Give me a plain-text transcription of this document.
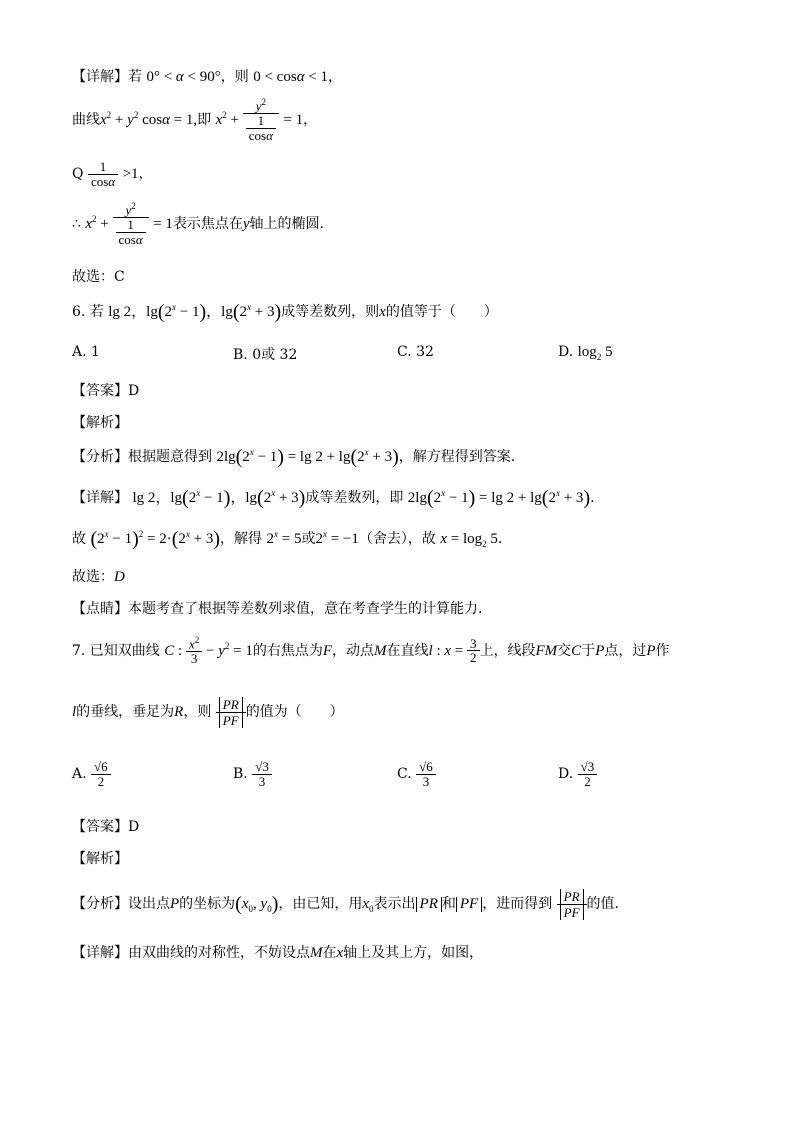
【详解】若 0° < α < 90°，则 0 < cosα < 1，
曲线$x^2 + y^2$ cosα = 1,即 $x^2 + \frac{y^2}{\frac{1}{\cos\alpha}} = 1$，
Q $\frac{1}{\cos\alpha} >1$，
∴ $x^2 + \frac{y^2}{\frac{1}{\cos\alpha}} = 1$表示焦点在y轴上的椭圆.
故选：C
6. 若 lg 2，$\lg(2^x - 1)$，$\lg(2^x + 3)$成等差数列，则x的值等于（　　）
A. 1	B. 0或 32	C. 32	D. $\log_2 5$
【答案】D
【解析】
【分析】根据题意得到 $2\lg(2^x - 1) = \lg 2 + \lg(2^x + 3)$，解方程得到答案.
【详解】 lg 2，$\lg(2^x - 1)$，$\lg(2^x + 3)$成等差数列，即 $2\lg(2^x - 1) = \lg 2 + \lg(2^x + 3)$.
故 $(2^x - 1)^2 = 2\cdot(2^x + 3)$，解得 $2^x = 5$或$2^x = -1$（舍去），故 $x = \log_2 5$.
故选：D
【点睛】本题考查了根据等差数列求值，意在考查学生的计算能力.
7. 已知双曲线 C : $\frac{x^2}{3} - y^2 = 1$的右焦点为F，动点M在直线l : $x = \frac{3}{2}$ 上，线段FM交C于P点，过P作
l的垂线，垂足为R，则 $\frac{PR}{PF}$ 的值为（　　）
A. $\frac{√6}{2}$	B. $\frac{√3}{3}$	C. $\frac{√6}{3}$	D. $\frac{√3}{2}$
【答案】D
【解析】
【分析】设出点P的坐标为($x_0$, $y_0$)，由已知，用$x_0$表示出 PR 和 PF ，进而得到 $\frac{PR}{PF}$ 的值.
【详解】由双曲线的对称性，不妨设点M在x轴上及其上方，如图，
